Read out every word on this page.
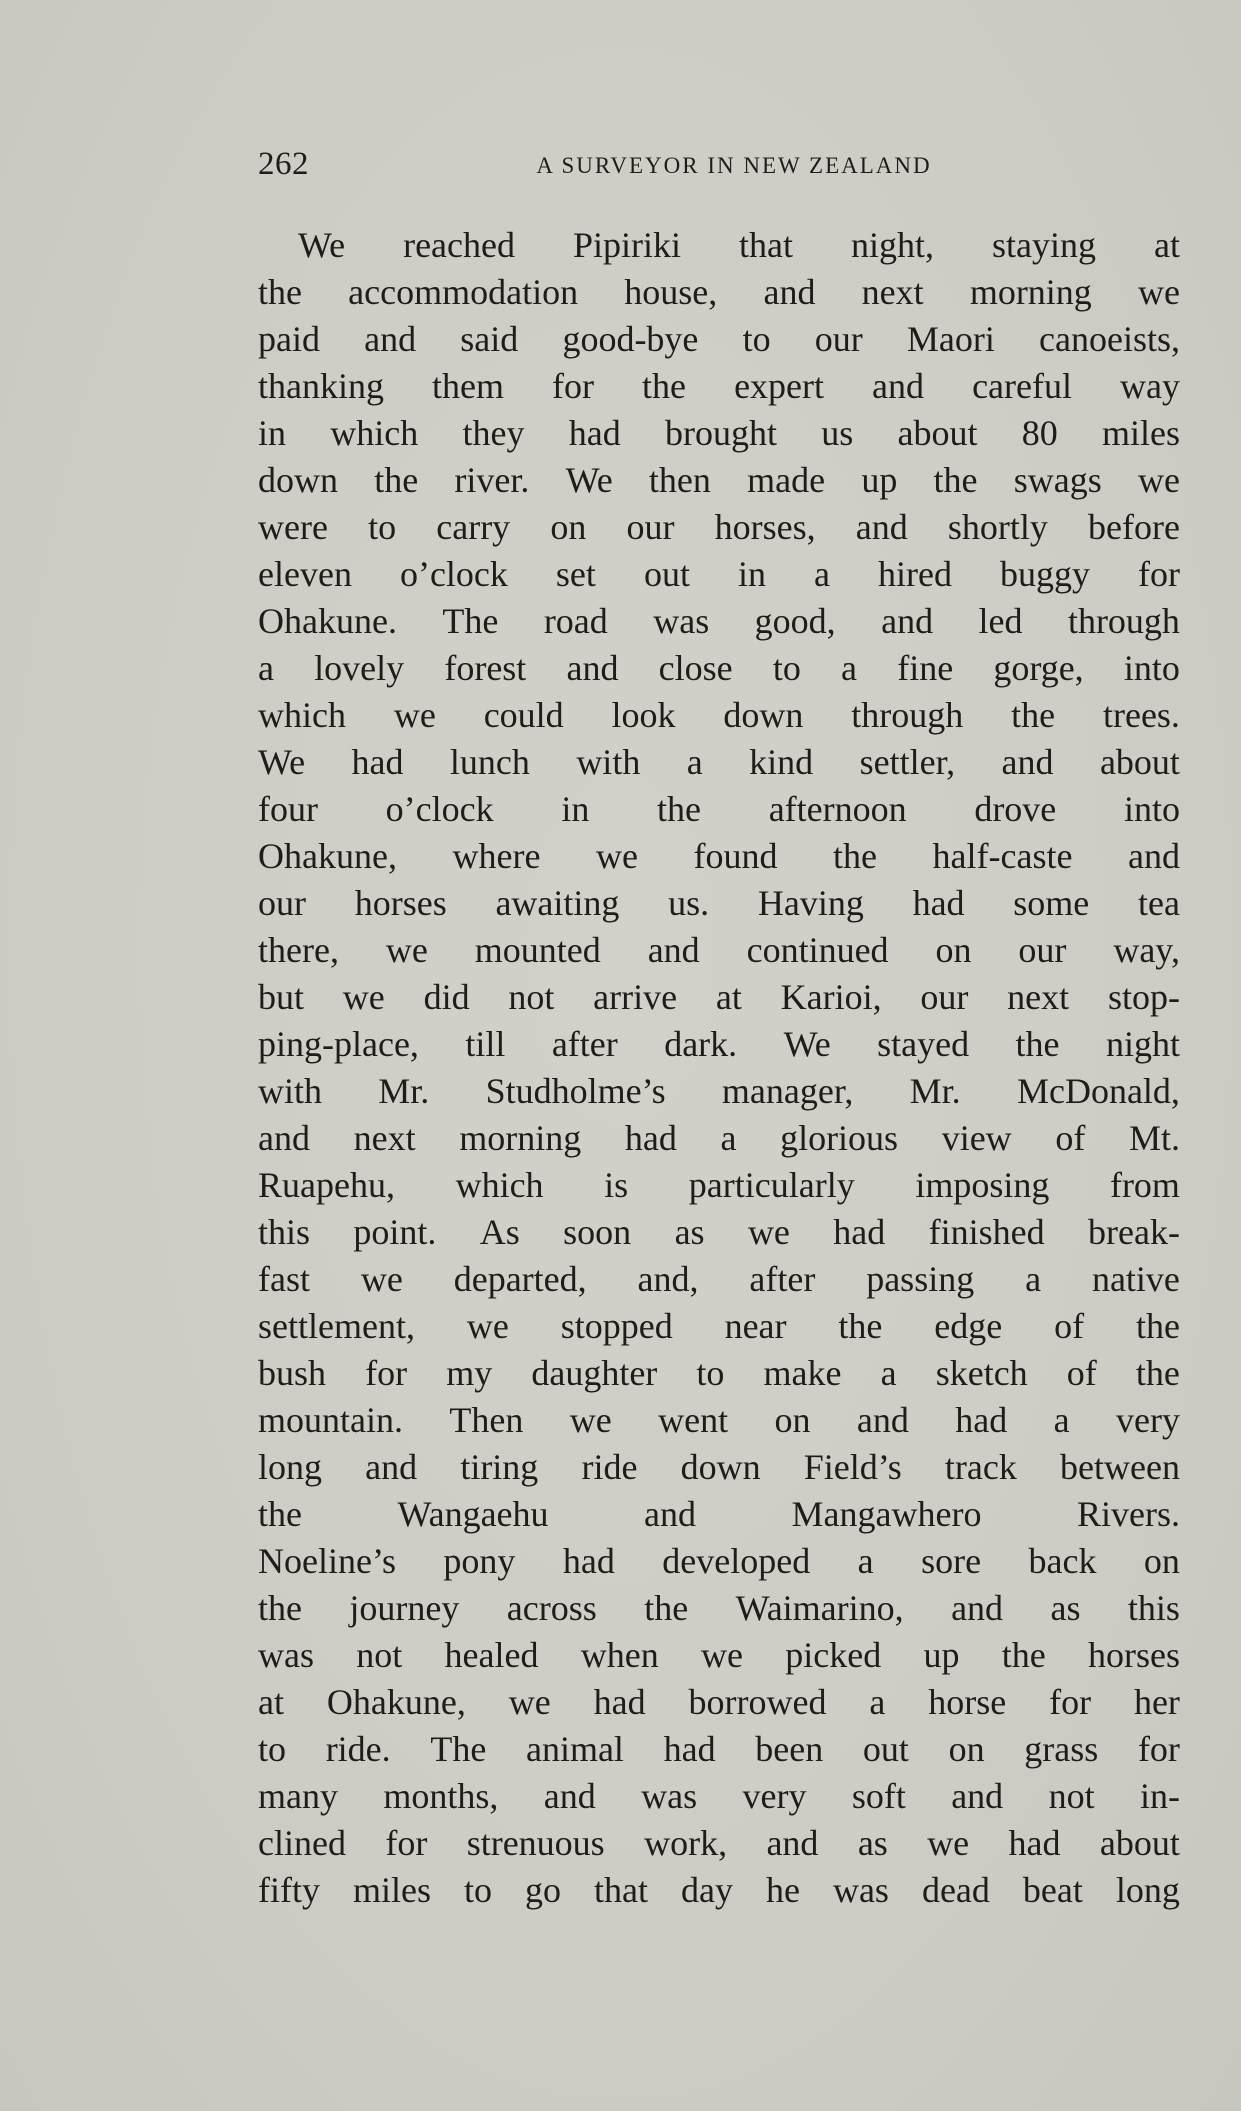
262	A SURVEYOR IN NEW ZEALAND
We reached Pipiriki that night, staying at
the accommodation house, and next morning we
paid and said good-bye to our Maori canoeists,
thanking them for the expert and careful way
in which they had brought us about 80 miles
down the river. We then made up the swags we
were to carry on our horses, and shortly before
eleven o’clock set out in a hired buggy for
Ohakune. The road was good, and led through
a lovely forest and close to a fine gorge, into
which we could look down through the trees.
We had lunch with a kind settler, and about
four o’clock in the afternoon drove into
Ohakune, where we found the half-caste and
our horses awaiting us. Having had some tea
there, we mounted and continued on our way,
but we did not arrive at Karioi, our next stop-
ping-place, till after dark. We stayed the night
with Mr. Studholme’s manager, Mr. McDonald,
and next morning had a glorious view of Mt.
Ruapehu, which is particularly imposing from
this point. As soon as we had finished break-
fast we departed, and, after passing a native
settlement, we stopped near the edge of the
bush for my daughter to make a sketch of the
mountain. Then we went on and had a very
long and tiring ride down Field’s track between
the	Wangaehu	and	Mangawhero	Rivers.
Noeline’s pony had developed a sore back on
the journey across the Waimarino, and as this
was not healed when we picked up the horses
at Ohakune, we had borrowed a horse for her
to ride. The animal had been out on grass for
many months, and was very soft and not in-
clined for strenuous work, and as we had about
fifty miles to go that day he was dead beat long
